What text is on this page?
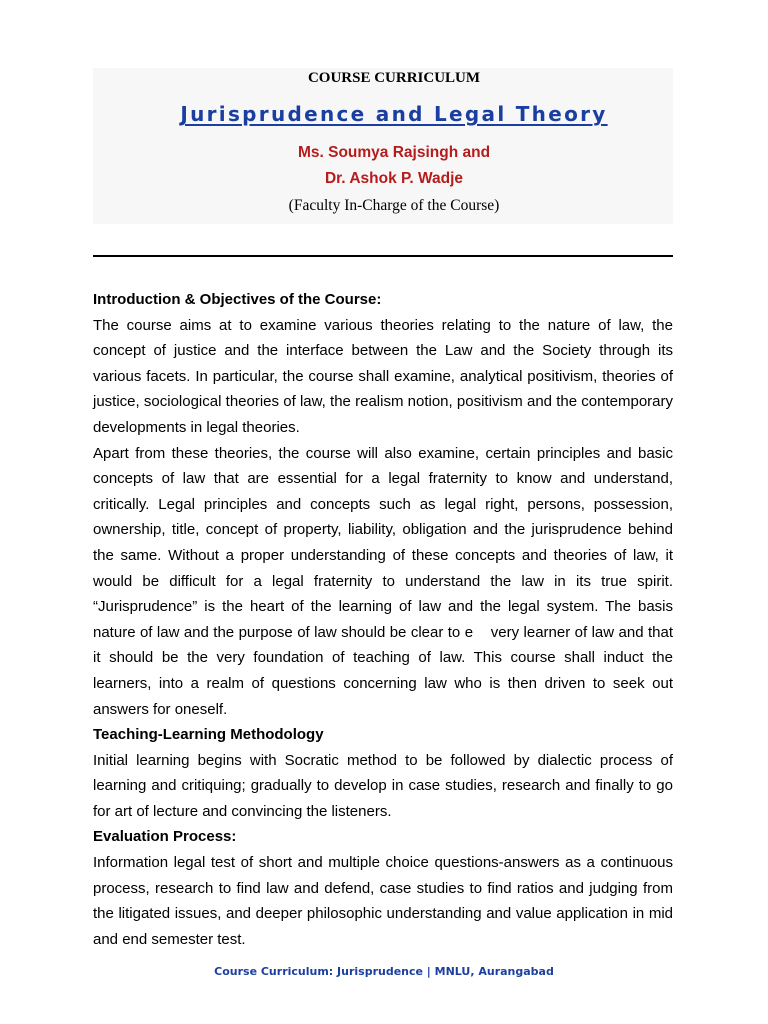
COURSE CURRICULUM
Jurisprudence and Legal Theory
Ms. Soumya Rajsingh and
Dr. Ashok P. Wadje
(Faculty In-Charge of the Course)

Introduction & Objectives of the Course:

The course aims at to examine various theories relating to the nature of law, the concept of justice and the interface between the Law and the Society through its various facets. In particular, the course shall examine, analytical positivism, theories of justice, sociological theories of law, the realism notion, positivism and the contemporary developments in legal theories.

Apart from these theories, the course will also examine, certain principles and basic concepts of law that are essential for a legal fraternity to know and understand, critically. Legal principles and concepts such as legal right, persons, possession, ownership, title, concept of property, liability, obligation and the jurisprudence behind the same. Without a proper understanding of these concepts and theories of law, it would be difficult for a legal fraternity to understand the law in its true spirit. “Jurisprudence” is the heart of the learning of law and the legal system. The basis nature of law and the purpose of law should be clear to e    very learner of law and that it should be the very foundation of teaching of law. This course shall induct the learners, into a realm of questions concerning law who is then driven to seek out answers for oneself.

Teaching-Learning Methodology

Initial learning begins with Socratic method to be followed by dialectic process of learning and critiquing; gradually to develop in case studies, research and finally to go for art of lecture and convincing the listeners.

Evaluation Process:

Information legal test of short and multiple choice questions-answers as a continuous process, research to find law and defend, case studies to find ratios and judging from the litigated issues, and deeper philosophic understanding and value application in mid and end semester test.

Course Curriculum: Jurisprudence | MNLU, Aurangabad
